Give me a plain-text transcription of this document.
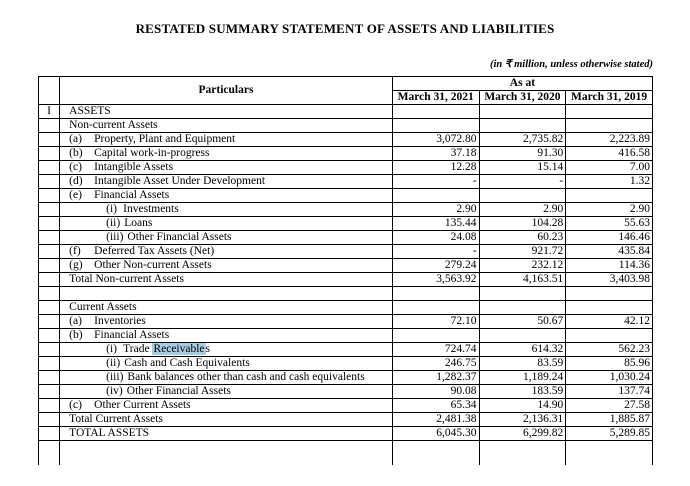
RESTATED SUMMARY STATEMENT OF ASSETS AND LIABILITIES
(in ₹ million, unless otherwise stated)
	Particulars	As at		
		March 31, 2021	March 31, 2020	March 31, 2019
I	ASSETS			
	Non-current Assets			
	(a) Property, Plant and Equipment	3,072.80	2,735.82	2,223.89
	(b) Capital work-in-progress	37.18	91.30	416.58
	(c) Intangible Assets	12.28	15.14	7.00
	(d) Intangible Asset Under Development	-	-	1.32
	(e) Financial Assets			
	(i) Investments	2.90	2.90	2.90
	(ii) Loans	135.44	104.28	55.63
	(iii) Other Financial Assets	24.08	60.23	146.46
	(f) Deferred Tax Assets (Net)	-	921.72	435.84
	(g) Other Non-current Assets	279.24	232.12	114.36
	Total Non-current Assets	3,563.92	4,163.51	3,403.98

	Current Assets			
	(a) Inventories	72.10	50.67	42.12
	(b) Financial Assets			
	(i) Trade Receivables	724.74	614.32	562.23
	(ii) Cash and Cash Equivalents	246.75	83.59	85.96
	(iii) Bank balances other than cash and cash equivalents	1,282.37	1,189.24	1,030.24
	(iv) Other Financial Assets	90.08	183.59	137.74
	(c) Other Current Assets	65.34	14.90	27.58
	Total Current Assets	2,481.38	2,136.31	1,885.87
	TOTAL ASSETS	6,045.30	6,299.82	5,289.85
